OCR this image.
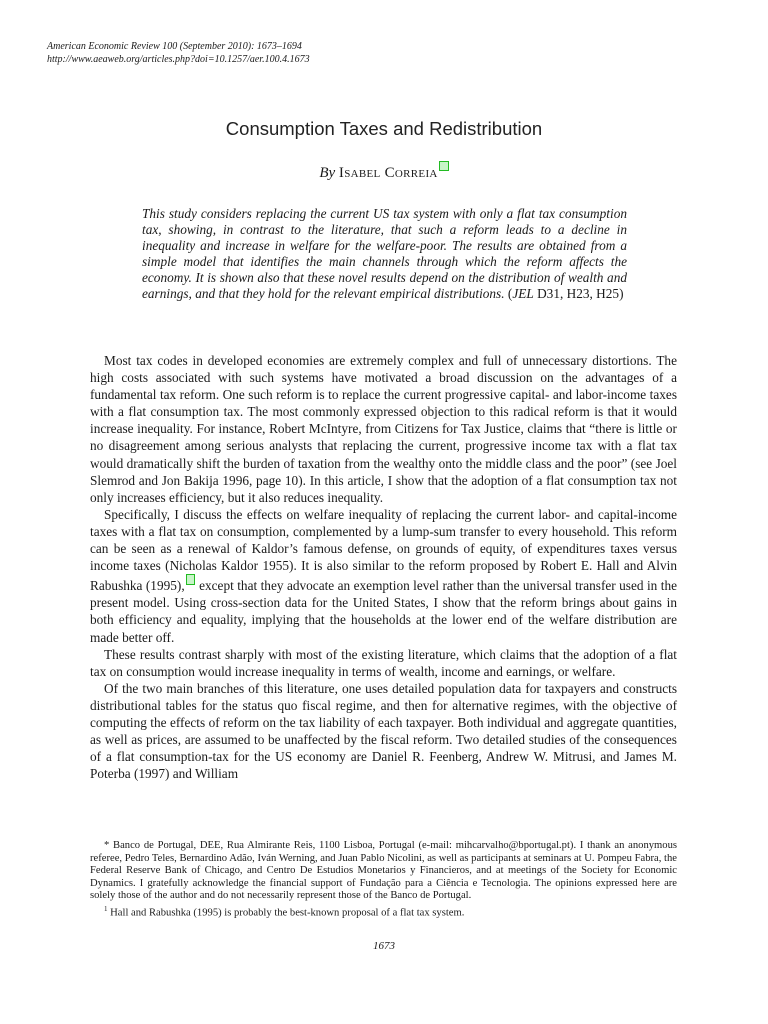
American Economic Review 100 (September 2010): 1673–1694
http://www.aeaweb.org/articles.php?doi=10.1257/aer.100.4.1673
Consumption Taxes and Redistribution
By Isabel Correia
This study considers replacing the current US tax system with only a flat tax consumption tax, showing, in contrast to the literature, that such a reform leads to a decline in inequality and increase in welfare for the welfare-poor. The results are obtained from a simple model that identifies the main channels through which the reform affects the economy. It is shown also that these novel results depend on the distribution of wealth and earnings, and that they hold for the relevant empirical distributions. (JEL D31, H23, H25)

Most tax codes in developed economies are extremely complex and full of unnecessary distortions. The high costs associated with such systems have motivated a broad discussion on the advantages of a fundamental tax reform. One such reform is to replace the current progressive capital- and labor-income taxes with a flat consumption tax. The most commonly expressed objection to this radical reform is that it would increase inequality. For instance, Robert McIntyre, from Citizens for Tax Justice, claims that “there is little or no disagreement among serious analysts that replacing the current, progressive income tax with a flat tax would dramatically shift the burden of taxation from the wealthy onto the middle class and the poor” (see Joel Slemrod and Jon Bakija 1996, page 10). In this article, I show that the adoption of a flat consumption tax not only increases efficiency, but it also reduces inequality.

Specifically, I discuss the effects on welfare inequality of replacing the current labor- and capital-income taxes with a flat tax on consumption, complemented by a lump-sum transfer to every household. This reform can be seen as a renewal of Kaldor’s famous defense, on grounds of equity, of expenditures taxes versus income taxes (Nicholas Kaldor 1955). It is also similar to the reform proposed by Robert E. Hall and Alvin Rabushka (1995), except that they advocate an exemption level rather than the universal transfer used in the present model. Using cross-section data for the United States, I show that the reform brings about gains in both efficiency and equality, implying that the households at the lower end of the welfare distribution are made better off.

These results contrast sharply with most of the existing literature, which claims that the adoption of a flat tax on consumption would increase inequality in terms of wealth, income and earnings, or welfare.

Of the two main branches of this literature, one uses detailed population data for taxpayers and constructs distributional tables for the status quo fiscal regime, and then for alternative regimes, with the objective of computing the effects of reform on the tax liability of each taxpayer. Both individual and aggregate quantities, as well as prices, are assumed to be unaffected by the fiscal reform. Two detailed studies of the consequences of a flat consumption-tax for the US economy are Daniel R. Feenberg, Andrew W. Mitrusi, and James M. Poterba (1997) and William

* Banco de Portugal, DEE, Rua Almirante Reis, 1100 Lisboa, Portugal (e-mail: mihcarvalho@bportugal.pt). I thank an anonymous referee, Pedro Teles, Bernardino Adão, Iván Werning, and Juan Pablo Nicolini, as well as participants at seminars at U. Pompeu Fabra, the Federal Reserve Bank of Chicago, and Centro De Estudios Monetarios y Financieros, and at meetings of the Society for Economic Dynamics. I gratefully acknowledge the financial support of Fundação para a Ciência e Tecnologia. The opinions expressed here are solely those of the author and do not necessarily represent those of the Banco de Portugal.

$^1$ Hall and Rabushka (1995) is probably the best-known proposal of a flat tax system.

1673
